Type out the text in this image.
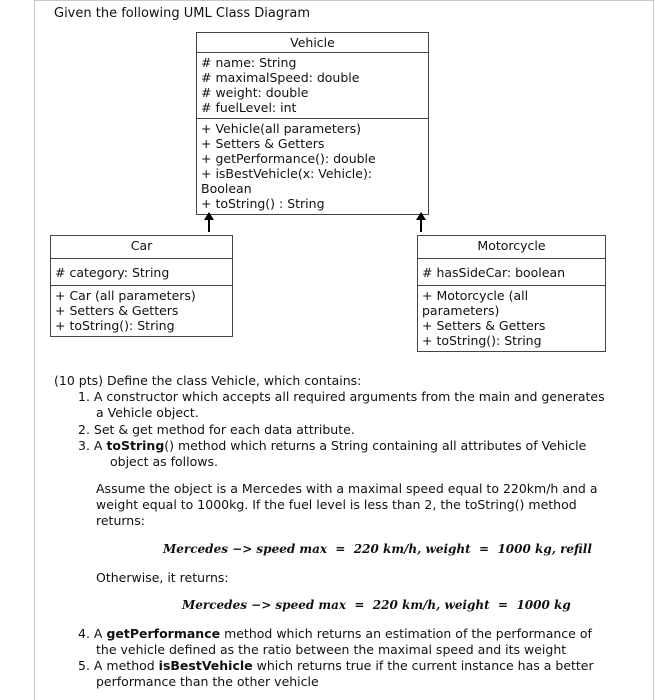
Given the following UML Class Diagram
Vehicle
# name: String
# maximalSpeed: double
# weight: double
# fuelLevel: int
+ Vehicle(all parameters)
+ Setters & Getters
+ getPerformance(): double
+ isBestVehicle(x: Vehicle):
Boolean
+ toString() : String
Car
# category: String
+ Car (all parameters)
+ Setters & Getters
+ toString(): String
Motorcycle
# hasSideCar: boolean
+ Motorcycle (all
parameters)
+ Setters & Getters
+ toString(): String
(10 pts) Define the class Vehicle, which contains:
1. A constructor which accepts all required arguments from the main and generates
a Vehicle object.
2. Set & get method for each data attribute.
3. A toString() method which returns a String containing all attributes of Vehicle
object as follows.
Assume the object is a Mercedes with a maximal speed equal to 220km/h and a
weight equal to 1000kg. If the fuel level is less than 2, the toString() method
returns:
Mercedes −> speed max  =  220 km/h, weight  =  1000 kg, refill
Otherwise, it returns:
Mercedes −> speed max  =  220 km/h, weight  =  1000 kg
4. A getPerformance method which returns an estimation of the performance of
the vehicle defined as the ratio between the maximal speed and its weight
5. A method isBestVehicle which returns true if the current instance has a better
performance than the other vehicle
